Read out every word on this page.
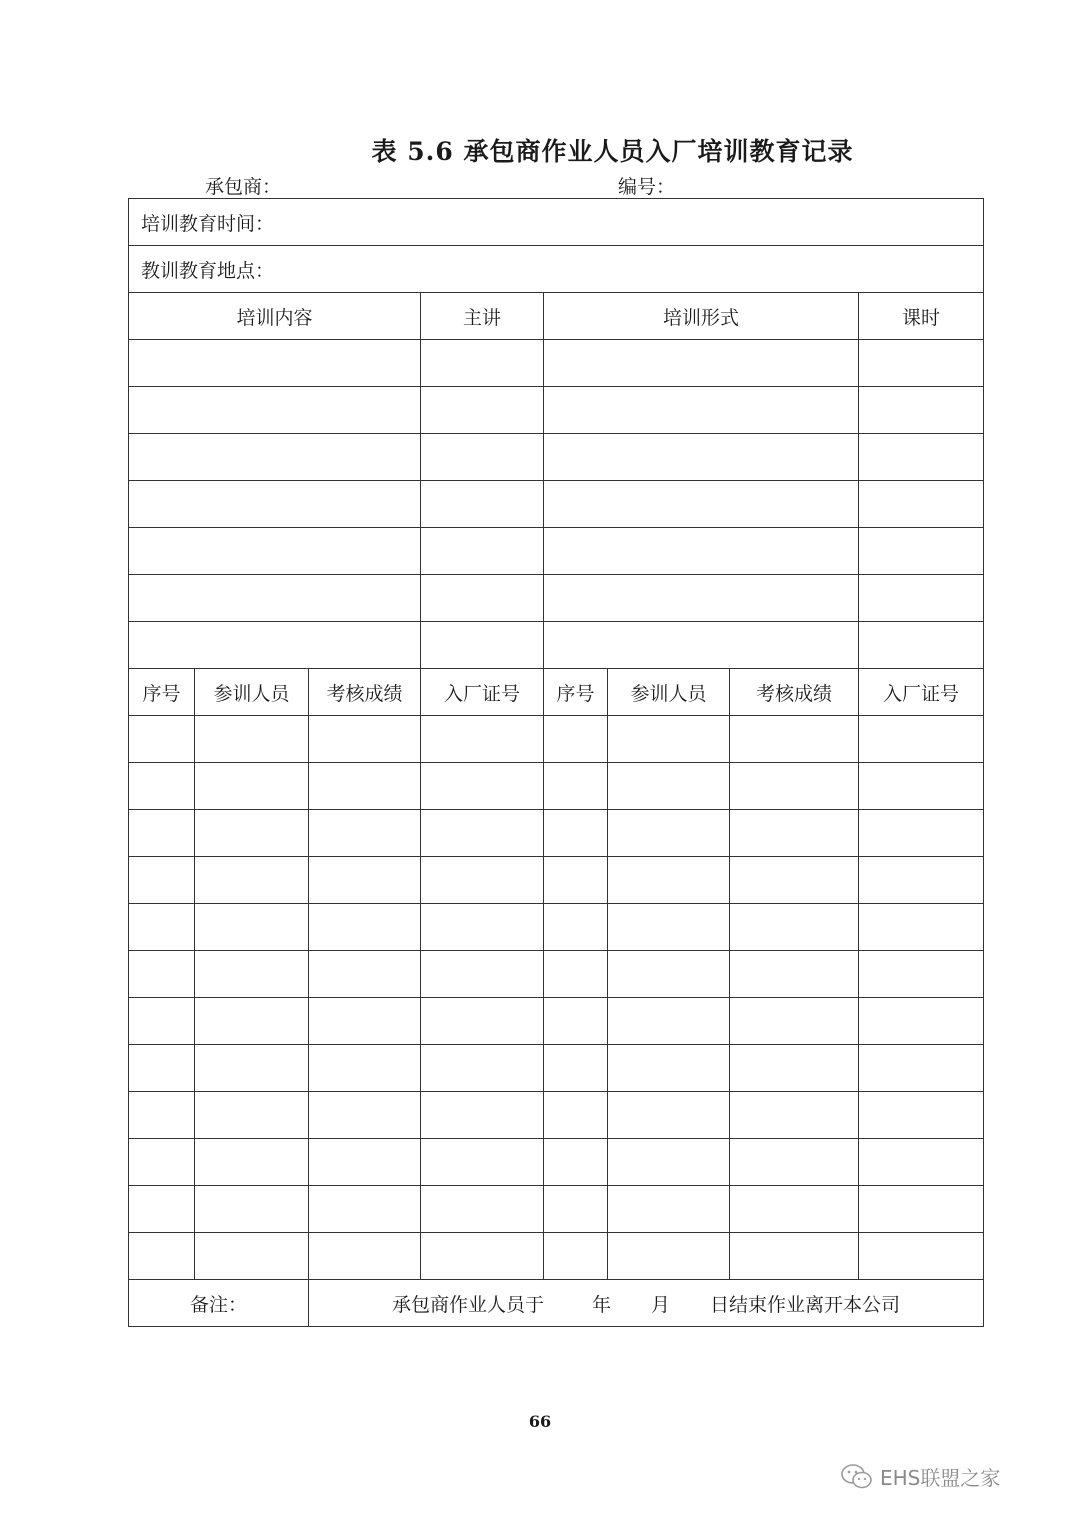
表 5.6 承包商作业人员入厂培训教育记录
承包商：	编号：
培训教育时间：							
教训教育地点：							
培训内容			主讲	培训形式			课时

序号	参训人员	考核成绩	入厂证号	序号	参训人员	考核成绩	入厂证号

备注：		承包商作业人员于 年 月 日结束作业离开本公司					
66
EHS联盟之家
